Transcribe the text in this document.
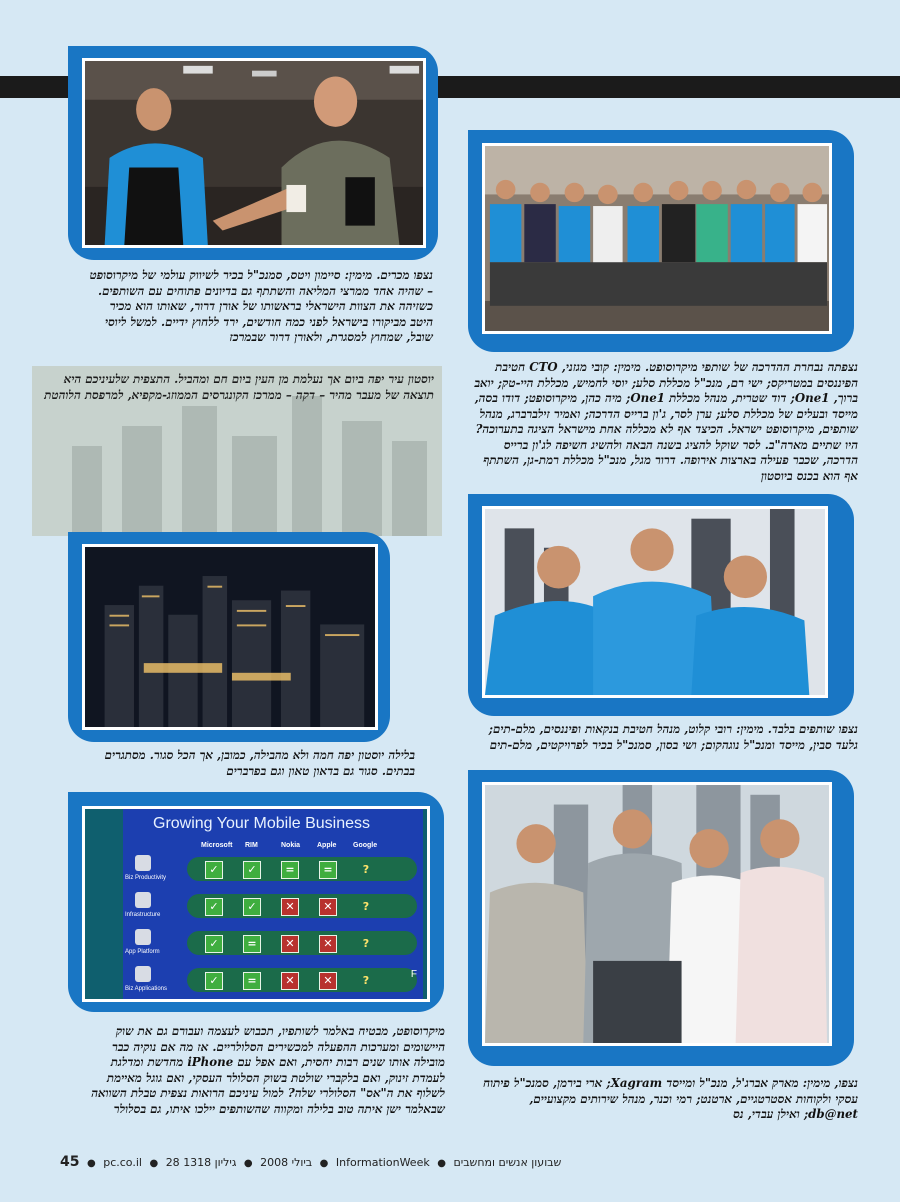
נצפו מכרים. מימין: סיימון ויטס, סמנכ"ל בכיר לשיווק עולמי של מיקרוסופט – שהיה אחד ממרצי המליאה והשתתף גם בדיונים פתוחים עם השותפים. כשזיהה את הצוות הישראלי בראשותו של אורן דרור, שאותו הוא מכיר היטב מביקורו בישראל לפני כמה חודשים, ירד ללחוץ ידיים. למשל ליוסי שובל, שמחוץ למסגרת, ולאורן דרור שבמרכז
נצפתה נבחרת ההדרכה של שותפי מיקרוסופט. מימין: קובי מגזני, CTO חטיבת הפיננסים במטריקס; ישי רם, מנכ"ל מכללת סלע; יוסי לחמיש, מכללת היי-טק; יואב ברוך, One1; דוד שטרית, מנהל מכללת One1; מיה כהן, מיקרוסופט; דודו בסה, מייסד ובעלים של מכללת סלע; ערן לסר, ג'ון ברייס הדרכה; ואמיר זילברברג, מנהל שותפים, מיקרוסופט ישראל. הכיצד אף לא מכללה אחת מישראל הציגה בתערוכה? היו שתיים מארה"ב. לסר שוקל להציג בשנה הבאה ולהשיג חשיפה לג'ון ברייס הדרכה, שכבר פעילה בארצות אירופה. דרור מגל, מנכ"ל מכללת רמת-גן, השתתף אף הוא בכנס ביוסטון
יוסטון עיר יפה ביום אך נעלמת מן העין ביום חם ומהביל. התצפית שלעיניכם היא תוצאה של מעבר מהיר – דקה – ממרכז הקונגרסים הממוזג-מקפיא, למרפסת הלוהטת
בלילה יוסטון יפה חמה ולא מהבילה, כמובן, אך הכל סגור. מסתגרים בבתים. סגור גם בדאון טאון וגם בפרברים
נצפו שותפים בלבד. מימין: רובי קלוט, מנהל חטיבת בנקאות ופיננסים, מלם-תים; גלעד סבין, מייסד ומנכ"ל נוגהקום; ושי בסון, סמנכ"ל בכיר לפרויקטים, מלם-תים
Growing Your Mobile Business
Microsoft	RIM	Nokia	Apple	Google
Biz Productivity
✓	✓	=	=	?
Infrastructure
✓	✓	✕	✕	?
App Platform
✓	=	✕	✕	?
Biz Applications
✓	=	✕	✕	?	F
מיקרוסופט, מבטיח באלמר לשותפיו, תכבוש לעצמה ועבורם גם את שוק היישומים ומערכות ההפעלה למכשירים הסלולריים. אז מה אם נוקיה כבר מובילה אותו שנים רבות יחסית, ואם אפל עם iPhone מחדשת ומדלגת לעמדת זינוק, ואם בלקברי שולטת בשוק הסלולר העסקי, ואם גוגל מאיימת לשלוף את ה"אס" הסלולרי שלה? למול עיניכם הרואות נצפית טבלת השוואה שבאלמר ישן איתה טוב בלילה ומקווה שהשותפים יילכו איתו, גם בסלולר
נצפו, מימין: מארק אברג'ל, מנכ"ל ומייסד Xagram; ארי בירמן, סמנכ"ל פיתוח עסקי ולקוחות אסטרטגיים, ארטנט; רמי וכנר, מנהל שירותים מקצועיים, db@net; ואילן עבדי, נס
45 ● pc.co.il ● 28 ביולי 2008 ● גיליון 1318	● InformationWeek ● שבועון אנשים ומחשבים
